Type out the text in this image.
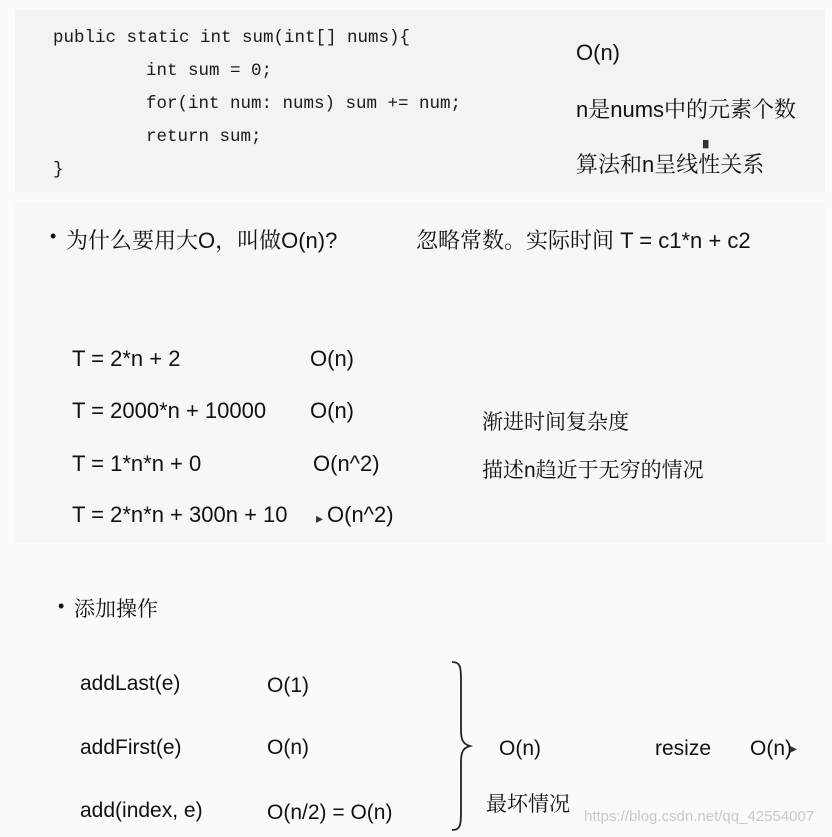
public static int sum(int[] nums){
int sum = 0;
for(int num: nums) sum += num;
return sum;
}
O(n)
n是nums中的元素个数
算法和n呈线性关系
▘
• 为什么要用大O，叫做O(n)?	忽略常数。实际时间 T = c1*n + c2
T = 2*n + 2	O(n)
T = 2000*n + 10000 O(n)
T = 1*n*n + 0	O(n^2)
T = 2*n*n + 300n + 10 ▸ O(n^2)
渐进时间复杂度
描述n趋近于无穷的情况
• 添加操作
addLast(e)	O(1)
addFirst(e)	O(n)
add(index, e)	O(n/2) = O(n)
O(n)	resize O(n)
▸
最坏情况
https://blog.csdn.net/qq_42554007
